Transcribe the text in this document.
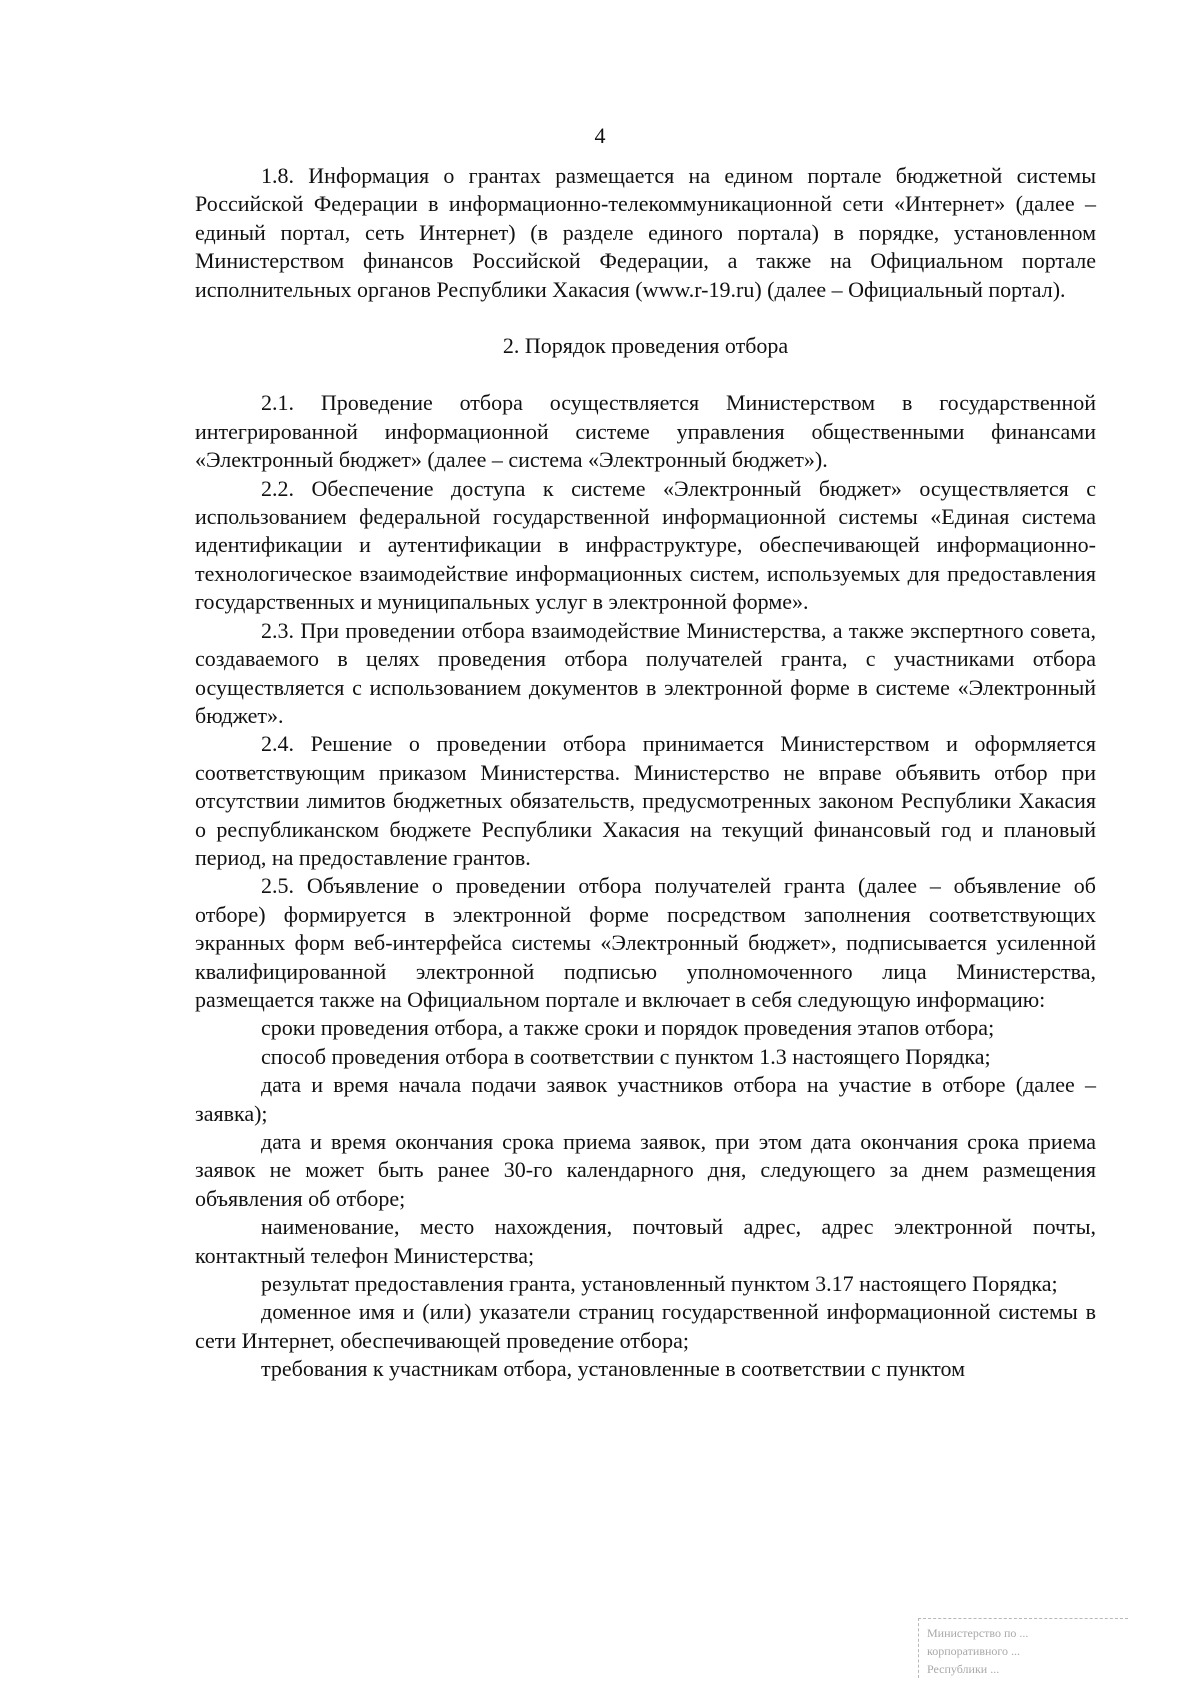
4

1.8. Информация о грантах размещается на едином портале бюджетной системы Российской Федерации в информационно-телекоммуникационной сети «Интернет» (далее – единый портал, сеть Интернет) (в разделе единого портала) в порядке, установленном Министерством финансов Российской Федерации, а также на Официальном портале исполнительных органов Республики Хакасия (www.r-19.ru) (далее – Официальный портал).

2. Порядок проведения отбора

2.1. Проведение отбора осуществляется Министерством в государственной интегрированной информационной системе управления общественными финансами «Электронный бюджет» (далее – система «Электронный бюджет»).

2.2. Обеспечение доступа к системе «Электронный бюджет» осуществляется с использованием федеральной государственной информационной системы «Единая система идентификации и аутентификации в инфраструктуре, обеспечивающей информационно-технологическое взаимодействие информационных систем, используемых для предоставления государственных и муниципальных услуг в электронной форме».

2.3. При проведении отбора взаимодействие Министерства, а также экспертного совета, создаваемого в целях проведения отбора получателей гранта, с участниками отбора осуществляется с использованием документов в электронной форме в системе «Электронный бюджет».

2.4. Решение о проведении отбора принимается Министерством и оформляется соответствующим приказом Министерства. Министерство не вправе объявить отбор при отсутствии лимитов бюджетных обязательств, предусмотренных законом Республики Хакасия о республиканском бюджете Республики Хакасия на текущий финансовый год и плановый период, на предоставление грантов.

2.5. Объявление о проведении отбора получателей гранта (далее – объявление об отборе) формируется в электронной форме посредством заполнения соответствующих экранных форм веб-интерфейса системы «Электронный бюджет», подписывается усиленной квалифицированной электронной подписью уполномоченного лица Министерства, размещается также на Официальном портале и включает в себя следующую информацию:

сроки проведения отбора, а также сроки и порядок проведения этапов отбора;

способ проведения отбора в соответствии с пунктом 1.3 настоящего Порядка;

дата и время начала подачи заявок участников отбора на участие в отборе (далее – заявка);

дата и время окончания срока приема заявок, при этом дата окончания срока приема заявок не может быть ранее 30-го календарного дня, следующего за днем размещения объявления об отборе;

наименование, место нахождения, почтовый адрес, адрес электронной почты, контактный телефон Министерства;

результат предоставления гранта, установленный пунктом 3.17 настоящего Порядка;

доменное имя и (или) указатели страниц государственной информационной системы в сети Интернет, обеспечивающей проведение отбора;

требования к участникам отбора, установленные в соответствии с пунктом

Министерство по ...
корпоративного ...
Республики ...
